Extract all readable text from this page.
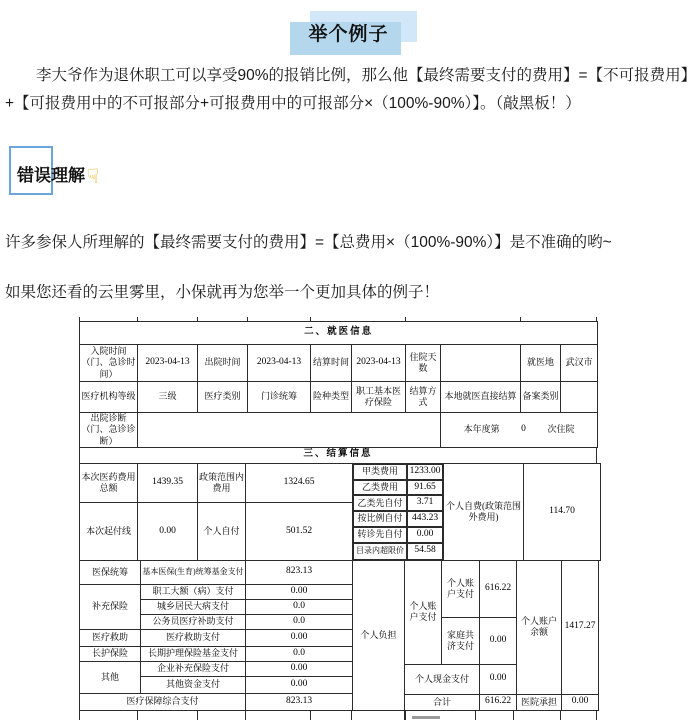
举个例子

李大爷作为退休职工可以享受90%的报销比例，那么他【最终需要支付的费用】=【不可报费用】+【可报费用中的不可报部分+可报费用中的可报部分×（100%-90%）】。（敲黑板！）

错误理解 ☟

许多参保人所理解的【最终需要支付的费用】=【总费用×（100%-90%）】是不准确的哟~

如果您还看的云里雾里，小保就再为您举一个更加具体的例子！

二、就医信息									
入院时间（门、急诊时间）	2023-04-13	出院时间	2023-04-13	结算时间	2023-04-13	住院天数		就医地	武汉市
医疗机构等级	三级	医疗类别	门诊统筹	险种类型	职工基本医疗保险	结算方式	本地就医直接结算	备案类别	
出院诊断（门、急诊诊断）							本年度第 0 次住院		
三、结算信息
本次医药费用总额	1439.35	政策范围内费用	1324.65
本次起付线	0.00	个人自付	501.52
甲类费用	1233.00
乙类费用	91.65
乙类先自付	3.71
按比例自付	443.23
转诊先自付	0.00
目录内超限价	54.58
个人自费(政策范围外费用)	114.70
医保统筹	基本医保(生育)统筹基金支付	823.13
补充保险	职工大额（病）支付	0.00
	城乡居民大病支付	0.0
	公务员医疗补助支付	0.0
医疗救助	医疗救助支付	0.00
长护保险	长期护理保险基金支付	0.0
其他	企业补充保险支付	0.00
	其他资金支付	0.00
医疗保障综合支付		823.13
个人负担	个人账户支付	个人账户支付	616.22	个人账户余额	1417.27
		家庭共济支付	0.00		
	个人现金支付		0.00		
	合计		616.22	医院承担	0.00
